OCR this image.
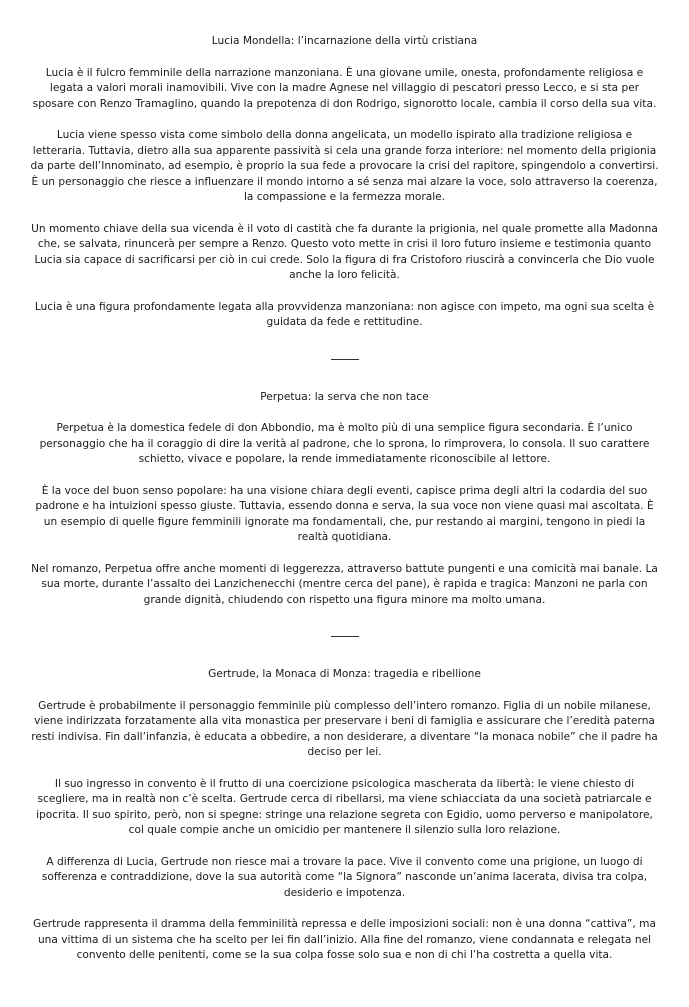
Lucia Mondella: l’incarnazione della virtù cristiana

Lucia è il fulcro femminile della narrazione manzoniana. È una giovane umile, onesta, profondamente religiosa e legata a valori morali inamovibili. Vive con la madre Agnese nel villaggio di pescatori presso Lecco, e si sta per sposare con Renzo Tramaglino, quando la prepotenza di don Rodrigo, signorotto locale, cambia il corso della sua vita.

Lucia viene spesso vista come simbolo della donna angelicata, un modello ispirato alla tradizione religiosa e letteraria. Tuttavia, dietro alla sua apparente passività si cela una grande forza interiore: nel momento della prigionia da parte dell’Innominato, ad esempio, è proprio la sua fede a provocare la crisi del rapitore, spingendolo a convertirsi. È un personaggio che riesce a influenzare il mondo intorno a sé senza mai alzare la voce, solo attraverso la coerenza, la compassione e la fermezza morale.

Un momento chiave della sua vicenda è il voto di castità che fa durante la prigionia, nel quale promette alla Madonna che, se salvata, rinuncerà per sempre a Renzo. Questo voto mette in crisi il loro futuro insieme e testimonia quanto Lucia sia capace di sacrificarsi per ciò in cui crede. Solo la figura di fra Cristoforo riuscirà a convincerla che Dio vuole anche la loro felicità.

Lucia è una figura profondamente legata alla provvidenza manzoniana: non agisce con impeto, ma ogni sua scelta è guidata da fede e rettitudine.

Perpetua: la serva che non tace

Perpetua è la domestica fedele di don Abbondio, ma è molto più di una semplice figura secondaria. È l’unico personaggio che ha il coraggio di dire la verità al padrone, che lo sprona, lo rimprovera, lo consola. Il suo carattere schietto, vivace e popolare, la rende immediatamente riconoscibile al lettore.

È la voce del buon senso popolare: ha una visione chiara degli eventi, capisce prima degli altri la codardia del suo padrone e ha intuizioni spesso giuste. Tuttavia, essendo donna e serva, la sua voce non viene quasi mai ascoltata. È un esempio di quelle figure femminili ignorate ma fondamentali, che, pur restando ai margini, tengono in piedi la realtà quotidiana.

Nel romanzo, Perpetua offre anche momenti di leggerezza, attraverso battute pungenti e una comicità mai banale. La sua morte, durante l’assalto dei Lanzichenecchi (mentre cerca del pane), è rapida e tragica: Manzoni ne parla con grande dignità, chiudendo con rispetto una figura minore ma molto umana.

Gertrude, la Monaca di Monza: tragedia e ribellione

Gertrude è probabilmente il personaggio femminile più complesso dell’intero romanzo. Figlia di un nobile milanese, viene indirizzata forzatamente alla vita monastica per preservare i beni di famiglia e assicurare che l’eredità paterna resti indivisa. Fin dall’infanzia, è educata a obbedire, a non desiderare, a diventare “la monaca nobile” che il padre ha deciso per lei.

Il suo ingresso in convento è il frutto di una coercizione psicologica mascherata da libertà: le viene chiesto di scegliere, ma in realtà non c’è scelta. Gertrude cerca di ribellarsi, ma viene schiacciata da una società patriarcale e ipocrita. Il suo spirito, però, non si spegne: stringe una relazione segreta con Egidio, uomo perverso e manipolatore, col quale compie anche un omicidio per mantenere il silenzio sulla loro relazione.

A differenza di Lucia, Gertrude non riesce mai a trovare la pace. Vive il convento come una prigione, un luogo di sofferenza e contraddizione, dove la sua autorità come “la Signora” nasconde un’anima lacerata, divisa tra colpa, desiderio e impotenza.

Gertrude rappresenta il dramma della femminilità repressa e delle imposizioni sociali: non è una donna “cattiva”, ma una vittima di un sistema che ha scelto per lei fin dall’inizio. Alla fine del romanzo, viene condannata e relegata nel convento delle penitenti, come se la sua colpa fosse solo sua e non di chi l’ha costretta a quella vita.
